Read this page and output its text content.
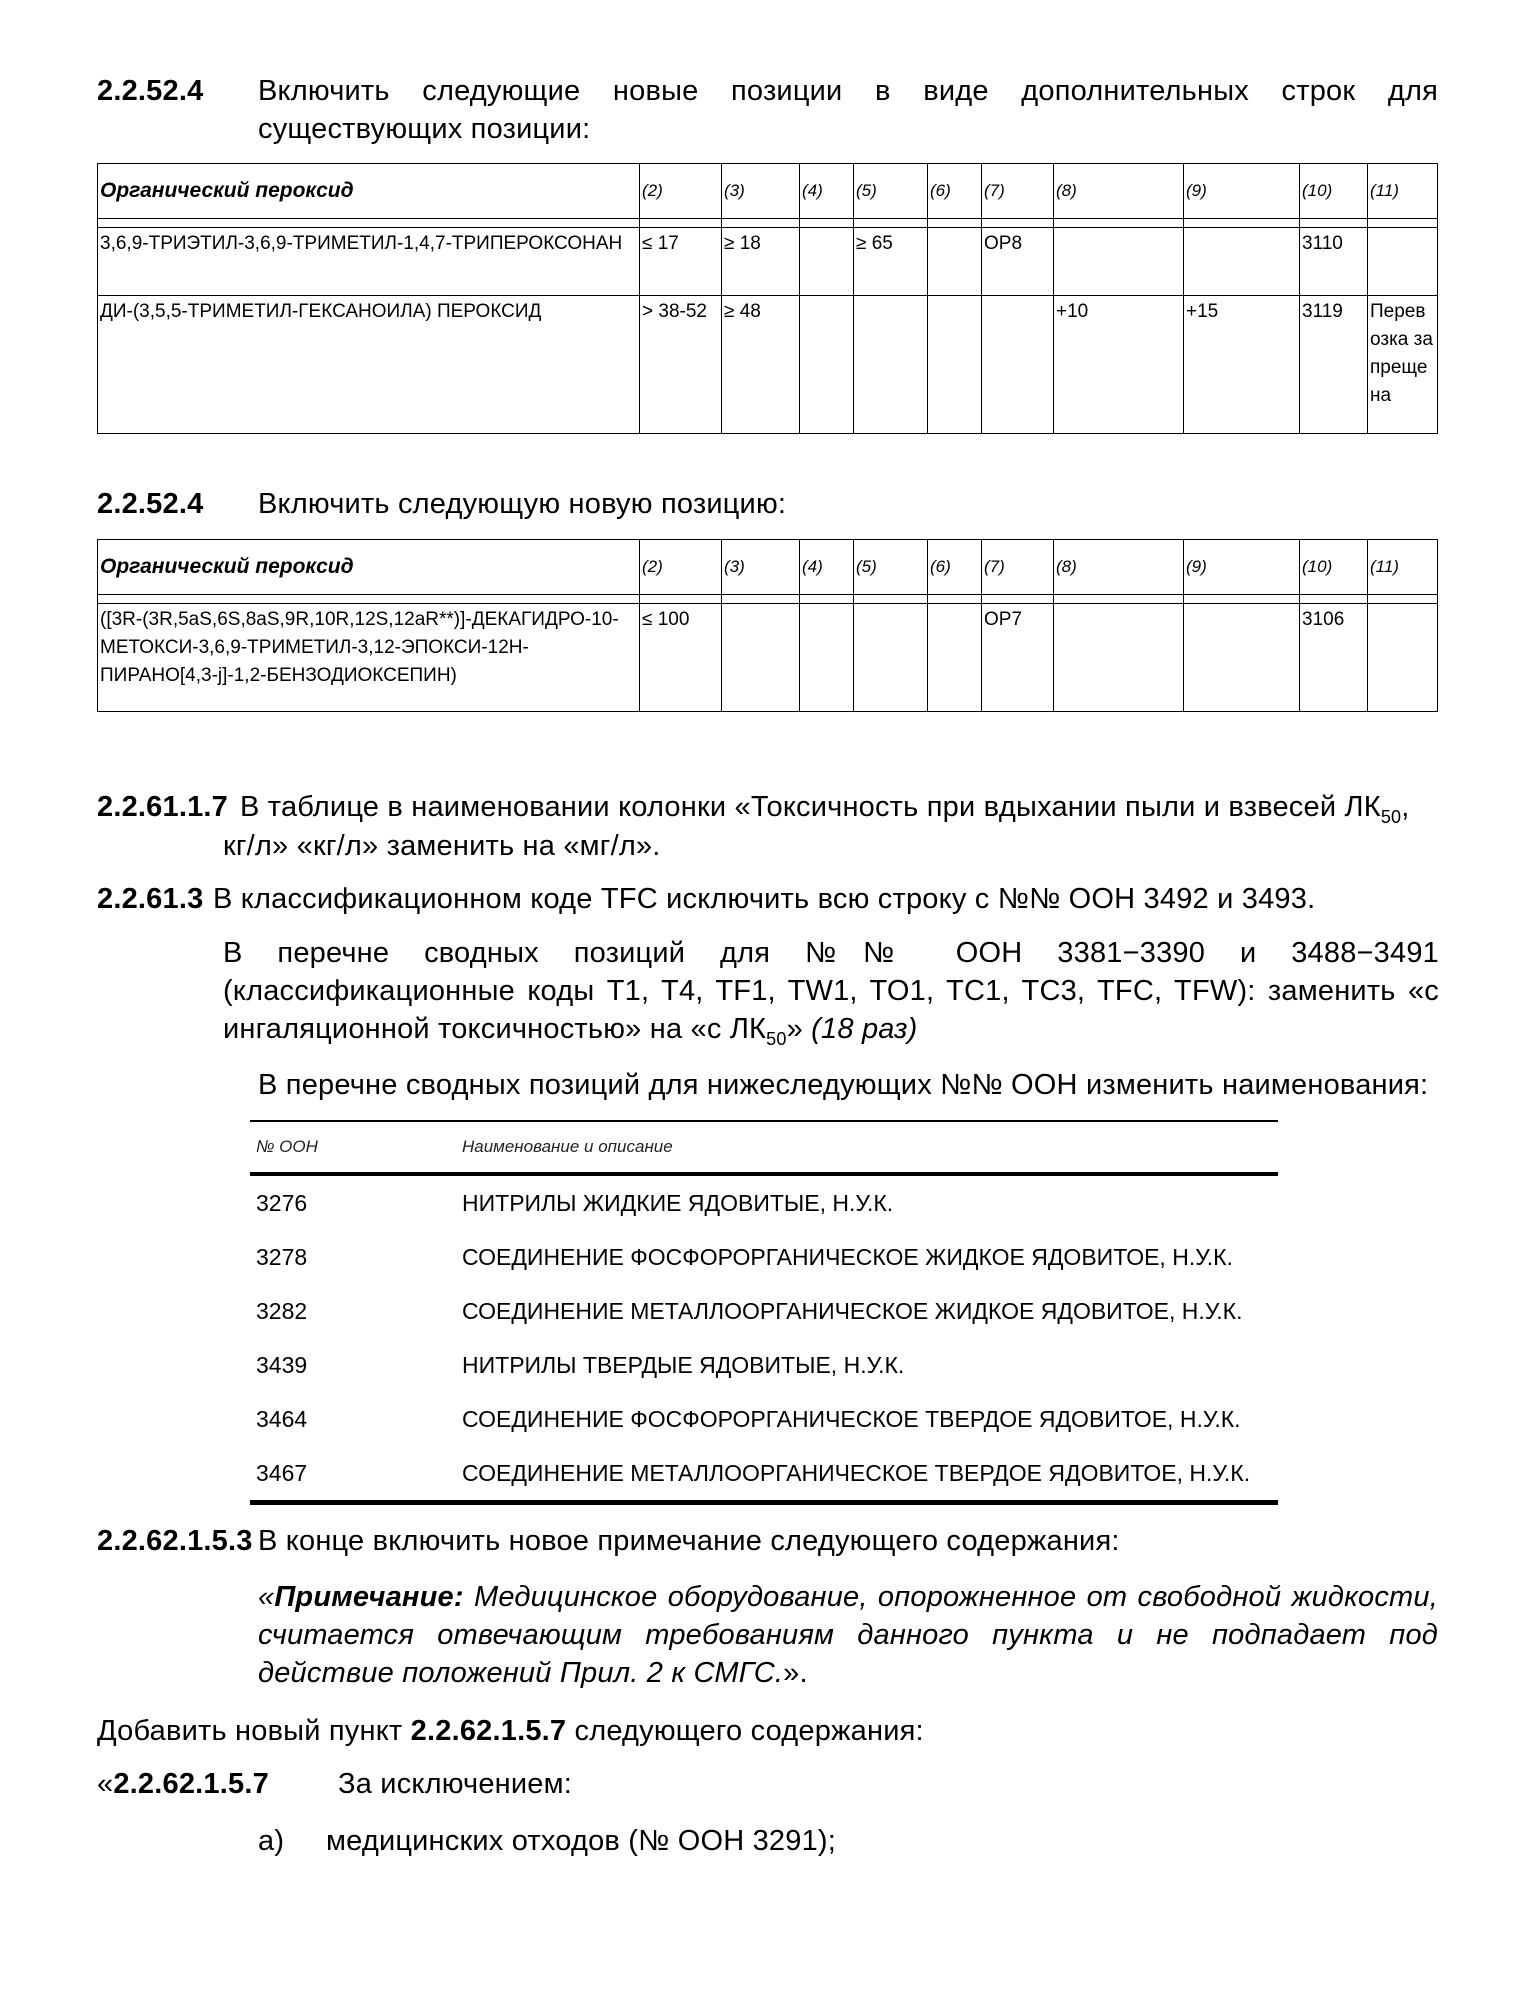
2.2.52.4 Включить следующие новые позиции в виде дополнительных строк для
существующих позиции:
Органический пероксид	(2)	(3)	(4)	(5)	(6)	(7)	(8)	(9)	(10)	(11)

3,6,9-ТРИЭТИЛ-3,6,9-ТРИМЕТИЛ-1,4,7-ТРИПЕРОКСОНАН	≤ 17	≥ 18		≥ 65		OP8			3110	
ДИ-(3,5,5-ТРИМЕТИЛ-ГЕКСАНОИЛА) ПЕРОКСИД	> 38-52	≥ 48					+10	+15	3119	Перевозка запрещена
2.2.52.4 Включить следующую новую позицию:
Органический пероксид	(2)	(3)	(4)	(5)	(6)	(7)	(8)	(9)	(10)	(11)

([3R-(3R,5aS,6S,8aS,9R,10R,12S,12aR**)]-ДЕКАГИДРО-10-МЕТОКСИ-3,6,9-ТРИМЕТИЛ-3,12-ЭПОКСИ-12Н-ПИРАНО[4,3-j]-1,2-БЕНЗОДИОКСЕПИН)	≤ 100					OP7			3106	
2.2.61.1.7 В таблице в наименовании колонки «Токсичность при вдыхании пыли и взвесей $ЛК_{50}$,
кг/л» «кг/л» заменить на «мг/л».
2.2.61.3 В классификационном коде TFC исключить всю строку с №№ ООН 3492 и 3493.
В перечне сводных позиций для №№ ООН 3381−3390 и 3488−3491
(классификационные коды T1, T4, TF1, TW1, TO1, TC1, TC3, TFC, TFW): заменить «с
ингаляционной токсичностью» на «с $ЛК_{50}$» (18 раз)
В перечне сводных позиций для нижеследующих №№ ООН изменить наименования:
№ ООН	Наименование и описание
3276	НИТРИЛЫ ЖИДКИЕ ЯДОВИТЫЕ, Н.У.К.
3278	СОЕДИНЕНИЕ ФОСФОРОРГАНИЧЕСКОЕ ЖИДКОЕ ЯДОВИТОЕ, Н.У.К.
3282	СОЕДИНЕНИЕ МЕТАЛЛООРГАНИЧЕСКОЕ ЖИДКОЕ ЯДОВИТОЕ, Н.У.К.
3439	НИТРИЛЫ ТВЕРДЫЕ ЯДОВИТЫЕ, Н.У.К.
3464	СОЕДИНЕНИЕ ФОСФОРОРГАНИЧЕСКОЕ ТВЕРДОЕ ЯДОВИТОЕ, Н.У.К.
3467	СОЕДИНЕНИЕ МЕТАЛЛООРГАНИЧЕСКОЕ ТВЕРДОЕ ЯДОВИТОЕ, Н.У.К.
2.2.62.1.5.3 В конце включить новое примечание следующего содержания:
«Примечание: Медицинское оборудование, опорожненное от свободной жидкости,
считается отвечающим требованиям данного пункта и не подпадает под
действие положений Прил. 2 к СМГС.».
Добавить новый пункт 2.2.62.1.5.7 следующего содержания:
«2.2.62.1.5.7 За исключением:
а) медицинских отходов (№ ООН 3291);
